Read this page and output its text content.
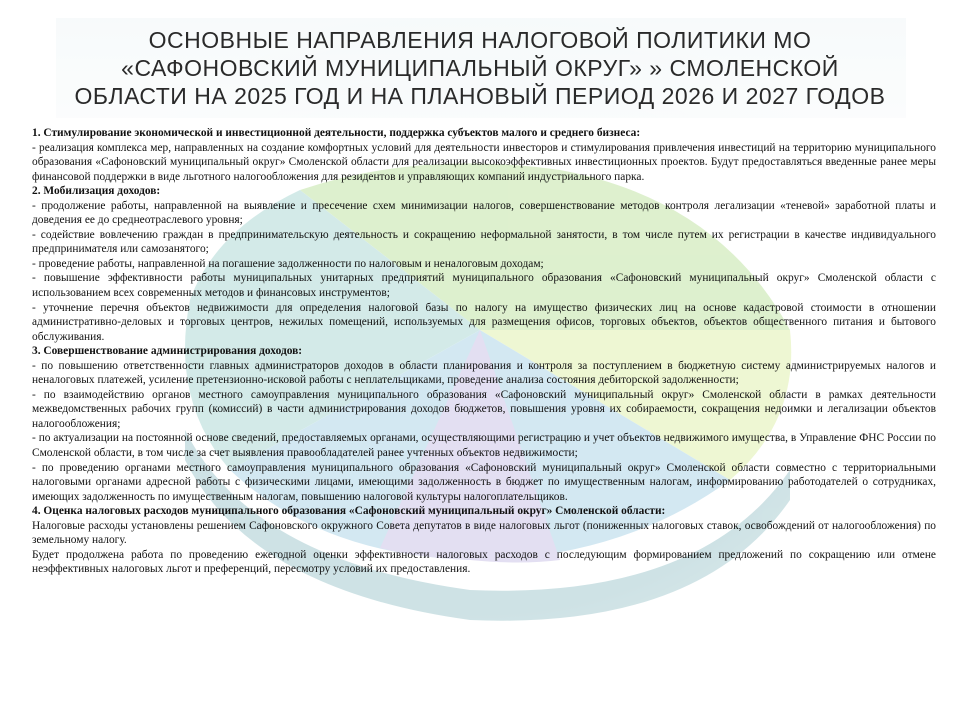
ОСНОВНЫЕ НАПРАВЛЕНИЯ НАЛОГОВОЙ ПОЛИТИКИ МО
«САФОНОВСКИЙ МУНИЦИПАЛЬНЫЙ ОКРУГ» » СМОЛЕНСКОЙ
ОБЛАСТИ НА 2025 ГОД И НА ПЛАНОВЫЙ ПЕРИОД 2026 И 2027 ГОДОВ

1. Стимулирование экономической и инвестиционной деятельности, поддержка субъектов малого и среднего бизнеса:

- реализация комплекса мер, направленных на создание комфортных условий для деятельности инвесторов и стимулирования привлечения инвестиций на территорию муниципального образования «Сафоновский муниципальный округ» Смоленской области для реализации высокоэффективных инвестиционных проектов. Будут предоставляться введенные ранее меры финансовой поддержки в виде льготного налогообложения для резидентов и управляющих компаний индустриального парка.

2. Мобилизация доходов:

- продолжение работы, направленной на выявление и пресечение схем минимизации налогов, совершенствование методов контроля легализации «теневой» заработной платы и доведения ее до среднеотраслевого уровня;

- содействие вовлечению граждан в предпринимательскую деятельность и сокращению неформальной занятости, в том числе путем их регистрации в качестве индивидуального предпринимателя или самозанятого;

- проведение работы, направленной на погашение задолженности по налоговым и неналоговым доходам;

- повышение эффективности работы муниципальных унитарных предприятий муниципального образования «Сафоновский муниципальный округ» Смоленской области с использованием всех современных методов и финансовых инструментов;

- уточнение перечня объектов недвижимости для определения налоговой базы по налогу на имущество физических лиц на основе кадастровой стоимости в отношении административно-деловых и торговых центров, нежилых помещений, используемых для размещения офисов, торговых объектов, объектов общественного питания и бытового обслуживания.

3. Совершенствование администрирования доходов:

- по повышению ответственности главных администраторов доходов в области планирования и контроля за поступлением в бюджетную систему администрируемых налогов и неналоговых платежей, усиление претензионно-исковой работы с неплательщиками, проведение анализа состояния дебиторской задолженности;

- по взаимодействию органов местного самоуправления муниципального образования «Сафоновский муниципальный округ» Смоленской области в рамках деятельности межведомственных рабочих групп (комиссий) в части администрирования доходов бюджетов, повышения уровня их собираемости, сокращения недоимки и легализации объектов налогообложения;

- по актуализации на постоянной основе сведений, предоставляемых органами, осуществляющими регистрацию и учет объектов недвижимого имущества, в Управление ФНС России по Смоленской области, в том числе за счет выявления правообладателей ранее учтенных объектов недвижимости;

- по проведению органами местного самоуправления муниципального образования «Сафоновский муниципальный округ» Смоленской области совместно с территориальными налоговыми органами адресной работы с физическими лицами, имеющими задолженность в бюджет по имущественным налогам, информированию работодателей о сотрудниках, имеющих задолженность по имущественным налогам, повышению налоговой культуры налогоплательщиков.

4. Оценка налоговых расходов муниципального образования «Сафоновский муниципальный округ» Смоленской области:

Налоговые расходы установлены решением Сафоновского окружного Совета депутатов в виде налоговых льгот (пониженных налоговых ставок, освобождений от налогообложения) по земельному налогу.

Будет продолжена работа по проведению ежегодной оценки эффективности налоговых расходов с последующим формированием предложений по сокращению или отмене неэффективных налоговых льгот и преференций, пересмотру условий их предоставления.
